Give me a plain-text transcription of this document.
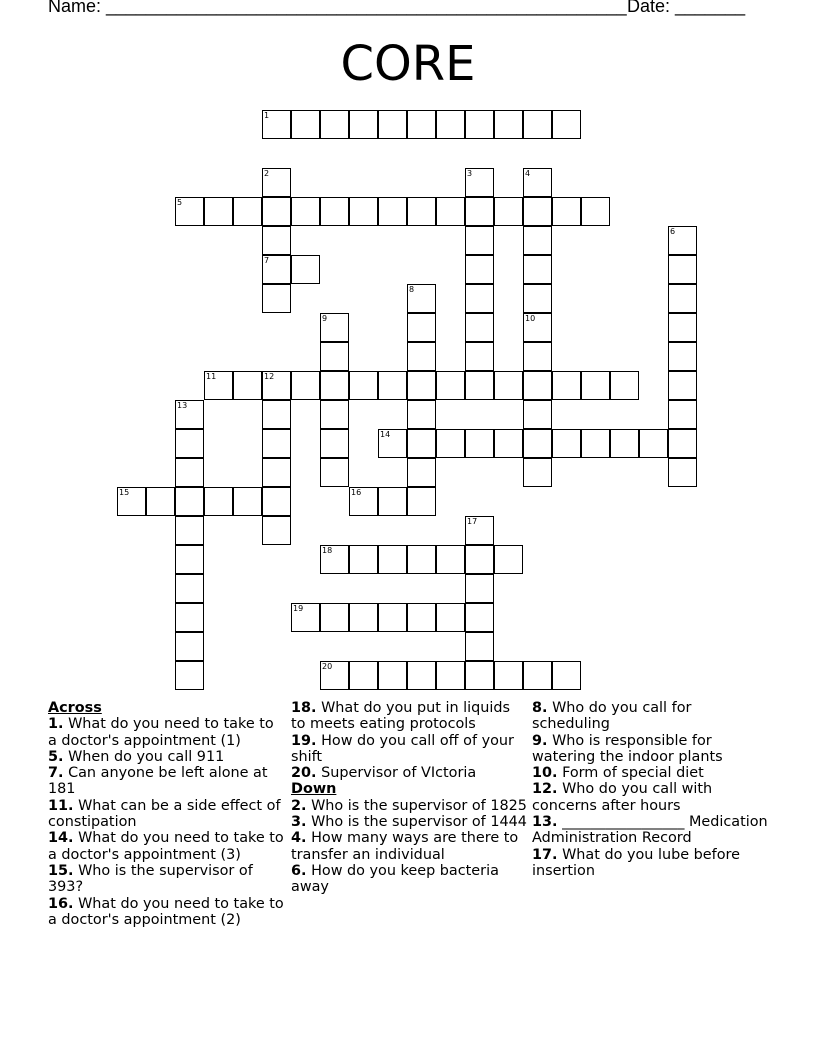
Name: ____________________________________________________ Date: _______
CORE
1
5
7
11	12
14
15	16
18
19
20
2	3	4
6
8
9	10
13
17

Across

1. What do you need to take to a doctor's appointment (1)

5. When do you call 911

7. Can anyone be left alone at 181

11. What can be a side effect of constipation

14. What do you need to take to a doctor's appointment (3)

15. Who is the supervisor of 393?

16. What do you need to take to a doctor's appointment (2)

18. What do you put in liquids to meets eating protocols

19. How do you call off of your shift

20. Supervisor of VIctoria

Down

2. Who is the supervisor of 1825

3. Who is the supervisor of 1444

4. How many ways are there to transfer an individual

6. How do you keep bacteria away

8. Who do you call for scheduling

9. Who is responsible for watering the indoor plants

10. Form of special diet

12. Who do you call with concerns after hours

13. _________________ Medication Administration Record

17. What do you lube before insertion
